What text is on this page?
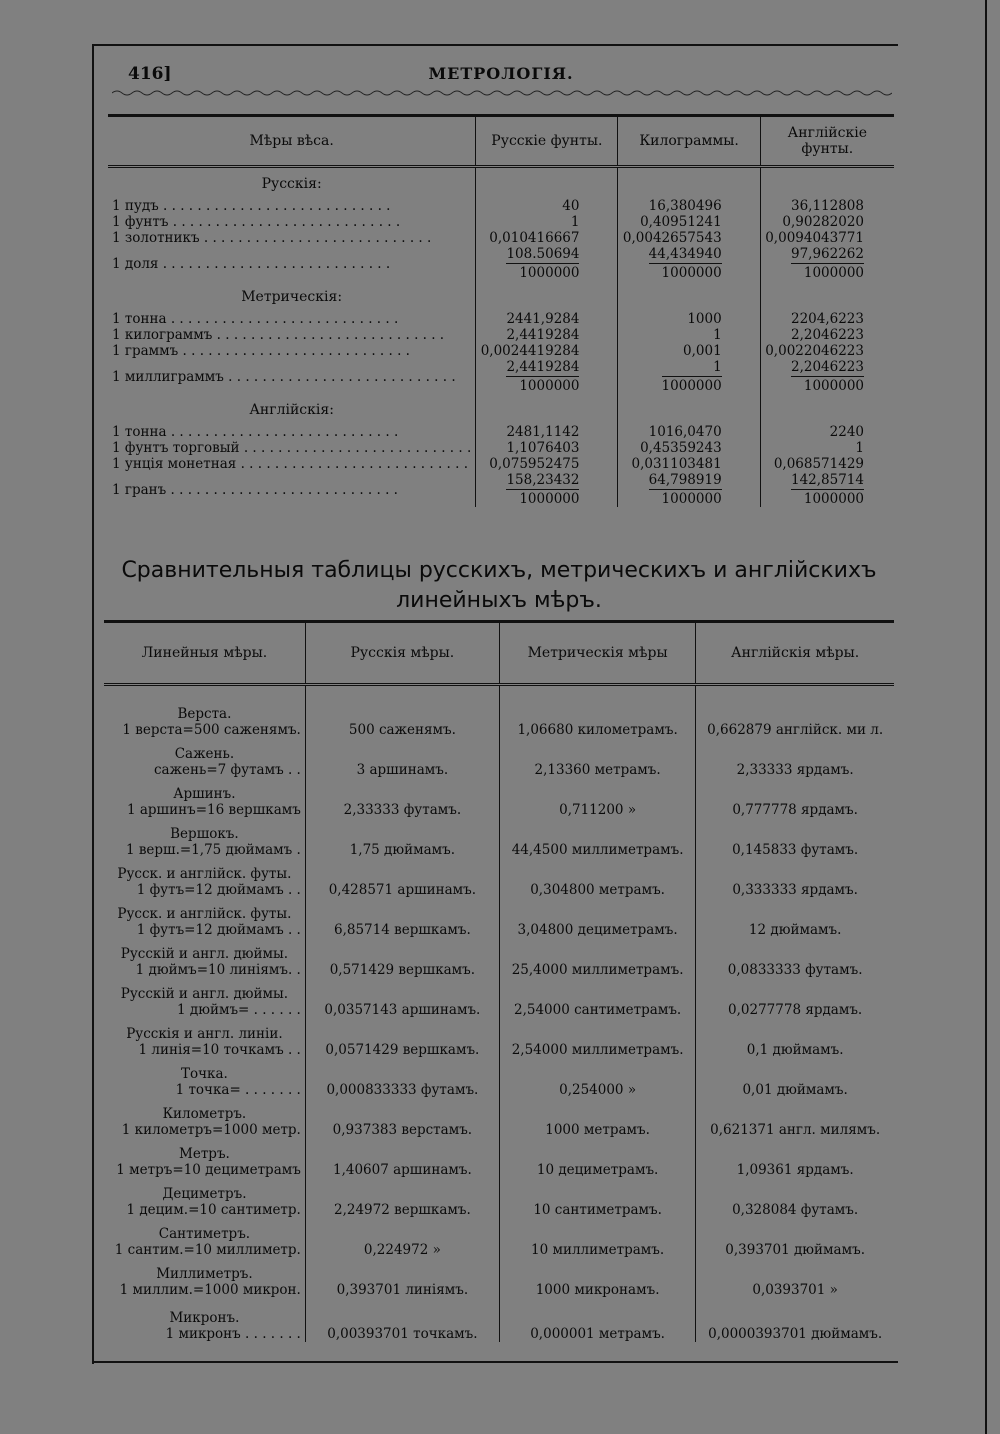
416]	МЕТРОЛОГІЯ.
Мѣры вѣса.	Русскіе фунты.	Килограммы.	Англійскіе фунты.
Русскія:			
1 пудъ . . . . . . . . . . . . . . . . . . . . . . . . . . .	40	16,380496	36,112808
1 фунтъ . . . . . . . . . . . . . . . . . . . . . . . . . . .	1	0,40951241	0,90282020
1 золотникъ . . . . . . . . . . . . . . . . . . . . . . . . . . .	0,010416667	0,0042657543	0,0094043771
1 доля . . . . . . . . . . . . . . . . . . . . . . . . . . .	$\frac{108.50694}{1000000}$	$\frac{44,434940}{1000000}$	$\frac{97,962262}{1000000}$

Метрическія:			
1 тонна . . . . . . . . . . . . . . . . . . . . . . . . . . .	2441,9284	1000	2204,6223
1 килограммъ . . . . . . . . . . . . . . . . . . . . . . . . . . .	2,4419284	1	2,2046223
1 граммъ . . . . . . . . . . . . . . . . . . . . . . . . . . .	0,0024419284	0,001	0,0022046223
1 миллиграммъ . . . . . . . . . . . . . . . . . . . . . . . . . . .	$\frac{2,4419284}{1000000}$	$\frac{1}{1000000}$	$\frac{2,2046223}{1000000}$

Англійскія:			
1 тонна . . . . . . . . . . . . . . . . . . . . . . . . . . .	2481,1142	1016,0470	2240
1 фунтъ торговый . . . . . . . . . . . . . . . . . . . . . . . . . . .	1,1076403	0,45359243	1
1 унція монетная . . . . . . . . . . . . . . . . . . . . . . . . . . .	0,075952475	0,031103481	0,068571429
1 гранъ . . . . . . . . . . . . . . . . . . . . . . . . . . .	$\frac{158,23432}{1000000}$	$\frac{64,798919}{1000000}$	$\frac{142,85714}{1000000}$
Сравнительныя таблицы русскихъ, метрическихъ и англійскихъ линейныхъ мѣръ.
Линейныя мѣры.	Русскія мѣры.	Метрическія мѣры	Англійскія мѣры.

Верста.
1 верста=500 саженямъ.	500 саженямъ.	1,06680 километрамъ.	0,662879 англійск. ми л.

Сажень.
сажень=7 футамъ . .	3 аршинамъ.	2,13360 метрамъ.	2,33333 ярдамъ.

Аршинъ.
1 аршинъ=16 вершкамъ	2,33333 футамъ.	0,711200 »	0,777778 ярдамъ.

Вершокъ.
1 верш.=1,75 дюймамъ .	1,75 дюймамъ.	44,4500 миллиметрамъ.	0,145833 футамъ.

Русск. и англійск. футы.
1 футъ=12 дюймамъ . .	0,428571 аршинамъ.	0,304800 метрамъ.	0,333333 ярдамъ.

Русск. и англійск. футы.
1 футъ=12 дюймамъ . .	6,85714 вершкамъ.	3,04800 дециметрамъ.	12 дюймамъ.

Русскій и англ. дюймы.
1 дюймъ=10 линіямъ. .	0,571429 вершкамъ.	25,4000 миллиметрамъ.	0,0833333 футамъ.

Русскій и англ. дюймы.
1 дюймъ= . . . . . .	0,0357143 аршинамъ.	2,54000 сантиметрамъ.	0,0277778 ярдамъ.

Русскія и англ. линіи.
1 линія=10 точкамъ . .	0,0571429 вершкамъ.	2,54000 миллиметрамъ.	0,1 дюймамъ.

Точка.
1 точка= . . . . . . .	0,000833333 футамъ.	0,254000 »	0,01 дюймамъ.

Километръ.
1 километръ=1000 метр.	0,937383 верстамъ.	1000 метрамъ.	0,621371 англ. милямъ.

Метръ.
1 метръ=10 дециметрамъ	1,40607 аршинамъ.	10 дециметрамъ.	1,09361 ярдамъ.

Дециметръ.
1 децим.=10 сантиметр.	2,24972 вершкамъ.	10 сантиметрамъ.	0,328084 футамъ.

Сантиметръ.
1 сантим.=10 миллиметр.	0,224972 »	10 миллиметрамъ.	0,393701 дюймамъ.

Миллиметръ.
1 миллим.=1000 микрон.	0,393701 линіямъ.	1000 микронамъ.	0,0393701 »

Микронъ.
1 микронъ . . . . . . .	0,00393701 точкамъ.	0,000001 метрамъ.	0,0000393701 дюймамъ.
